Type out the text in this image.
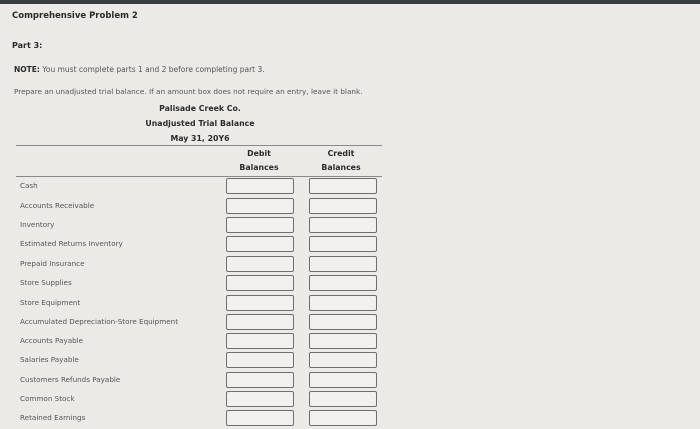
Comprehensive Problem 2
Part 3:
NOTE: You must complete parts 1 and 2 before completing part 3.
Prepare an unadjusted trial balance. If an amount box does not require an entry, leave it blank.
Palisade Creek Co.
Unadjusted Trial Balance
May 31, 20Y6
Debit
Balances
Credit
Balances
Cash
Accounts Receivable
Inventory
Estimated Returns Inventory
Prepaid Insurance
Store Supplies
Store Equipment
Accumulated Depreciation-Store Equipment
Accounts Payable
Salaries Payable
Customers Refunds Payable
Common Stock
Retained Earnings
